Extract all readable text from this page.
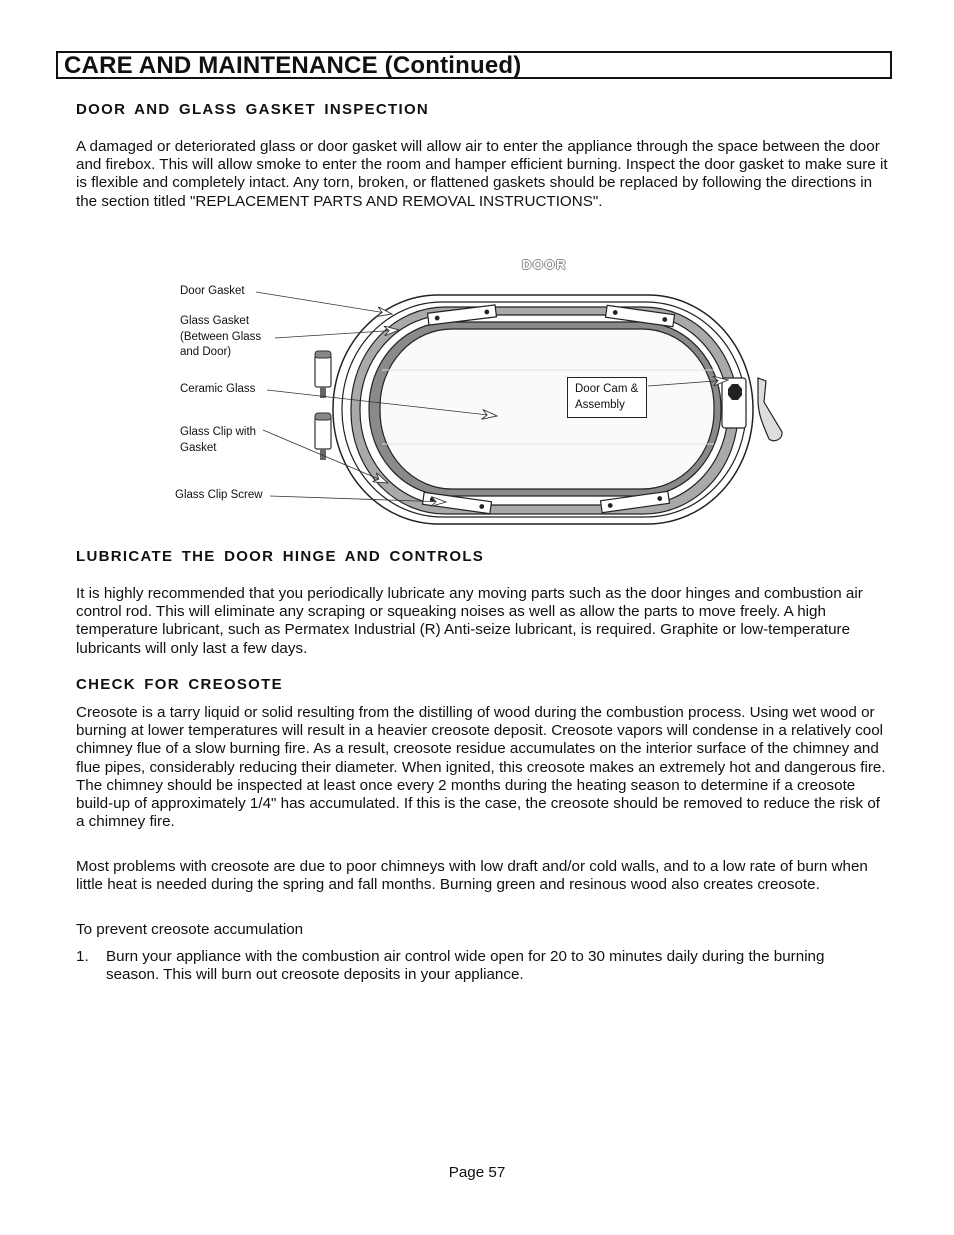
CARE AND MAINTENANCE (Continued)
DOOR AND GLASS GASKET INSPECTION

A damaged or deteriorated glass or door gasket will allow air to enter the appliance through the space between the door and firebox. This will allow smoke to enter the room and hamper efficient burning. Inspect the door gasket to make sure it is flexible and completely intact. Any torn, broken, or flattened gaskets should be replaced by following the directions in the section titled "REPLACEMENT PARTS AND REMOVAL INSTRUCTIONS".

DOOR
Door Gasket
Glass Gasket
(Between Glass
and Door)
Ceramic Glass
Glass Clip with
Gasket
Glass Clip Screw
Door Cam &
Assembly
LUBRICATE THE DOOR HINGE AND CONTROLS

It is highly recommended that you periodically lubricate any moving parts such as the door hinges and combustion air control rod. This will eliminate any scraping or squeaking noises as well as allow the parts to move freely. A high temperature lubricant, such as Permatex Industrial (R) Anti-seize lubricant, is required. Graphite or low-temperature lubricants will only last a few days.

CHECK FOR CREOSOTE

Creosote is a tarry liquid or solid resulting from the distilling of wood during the combustion process. Using wet wood or burning at lower temperatures will result in a heavier creosote deposit. Creosote vapors will condense in a relatively cool chimney flue of a slow burning fire. As a result, creosote residue accumulates on the interior surface of the chimney and flue pipes, considerably reducing their diameter. When ignited, this creosote makes an extremely hot and dangerous fire. The chimney should be inspected at least once every 2 months during the heating season to determine if a creosote build-up of approximately 1/4" has accumulated. If this is the case, the creosote should be removed to reduce the risk of a chimney fire.

Most problems with creosote are due to poor chimneys with low draft and/or cold walls, and to a low rate of burn when little heat is needed during the spring and fall months. Burning green and resinous wood also creates creosote.

To prevent creosote accumulation

1. Burn your appliance with the combustion air control wide open for 20 to 30 minutes daily during the burning season. This will burn out creosote deposits in your appliance.

Page 57
